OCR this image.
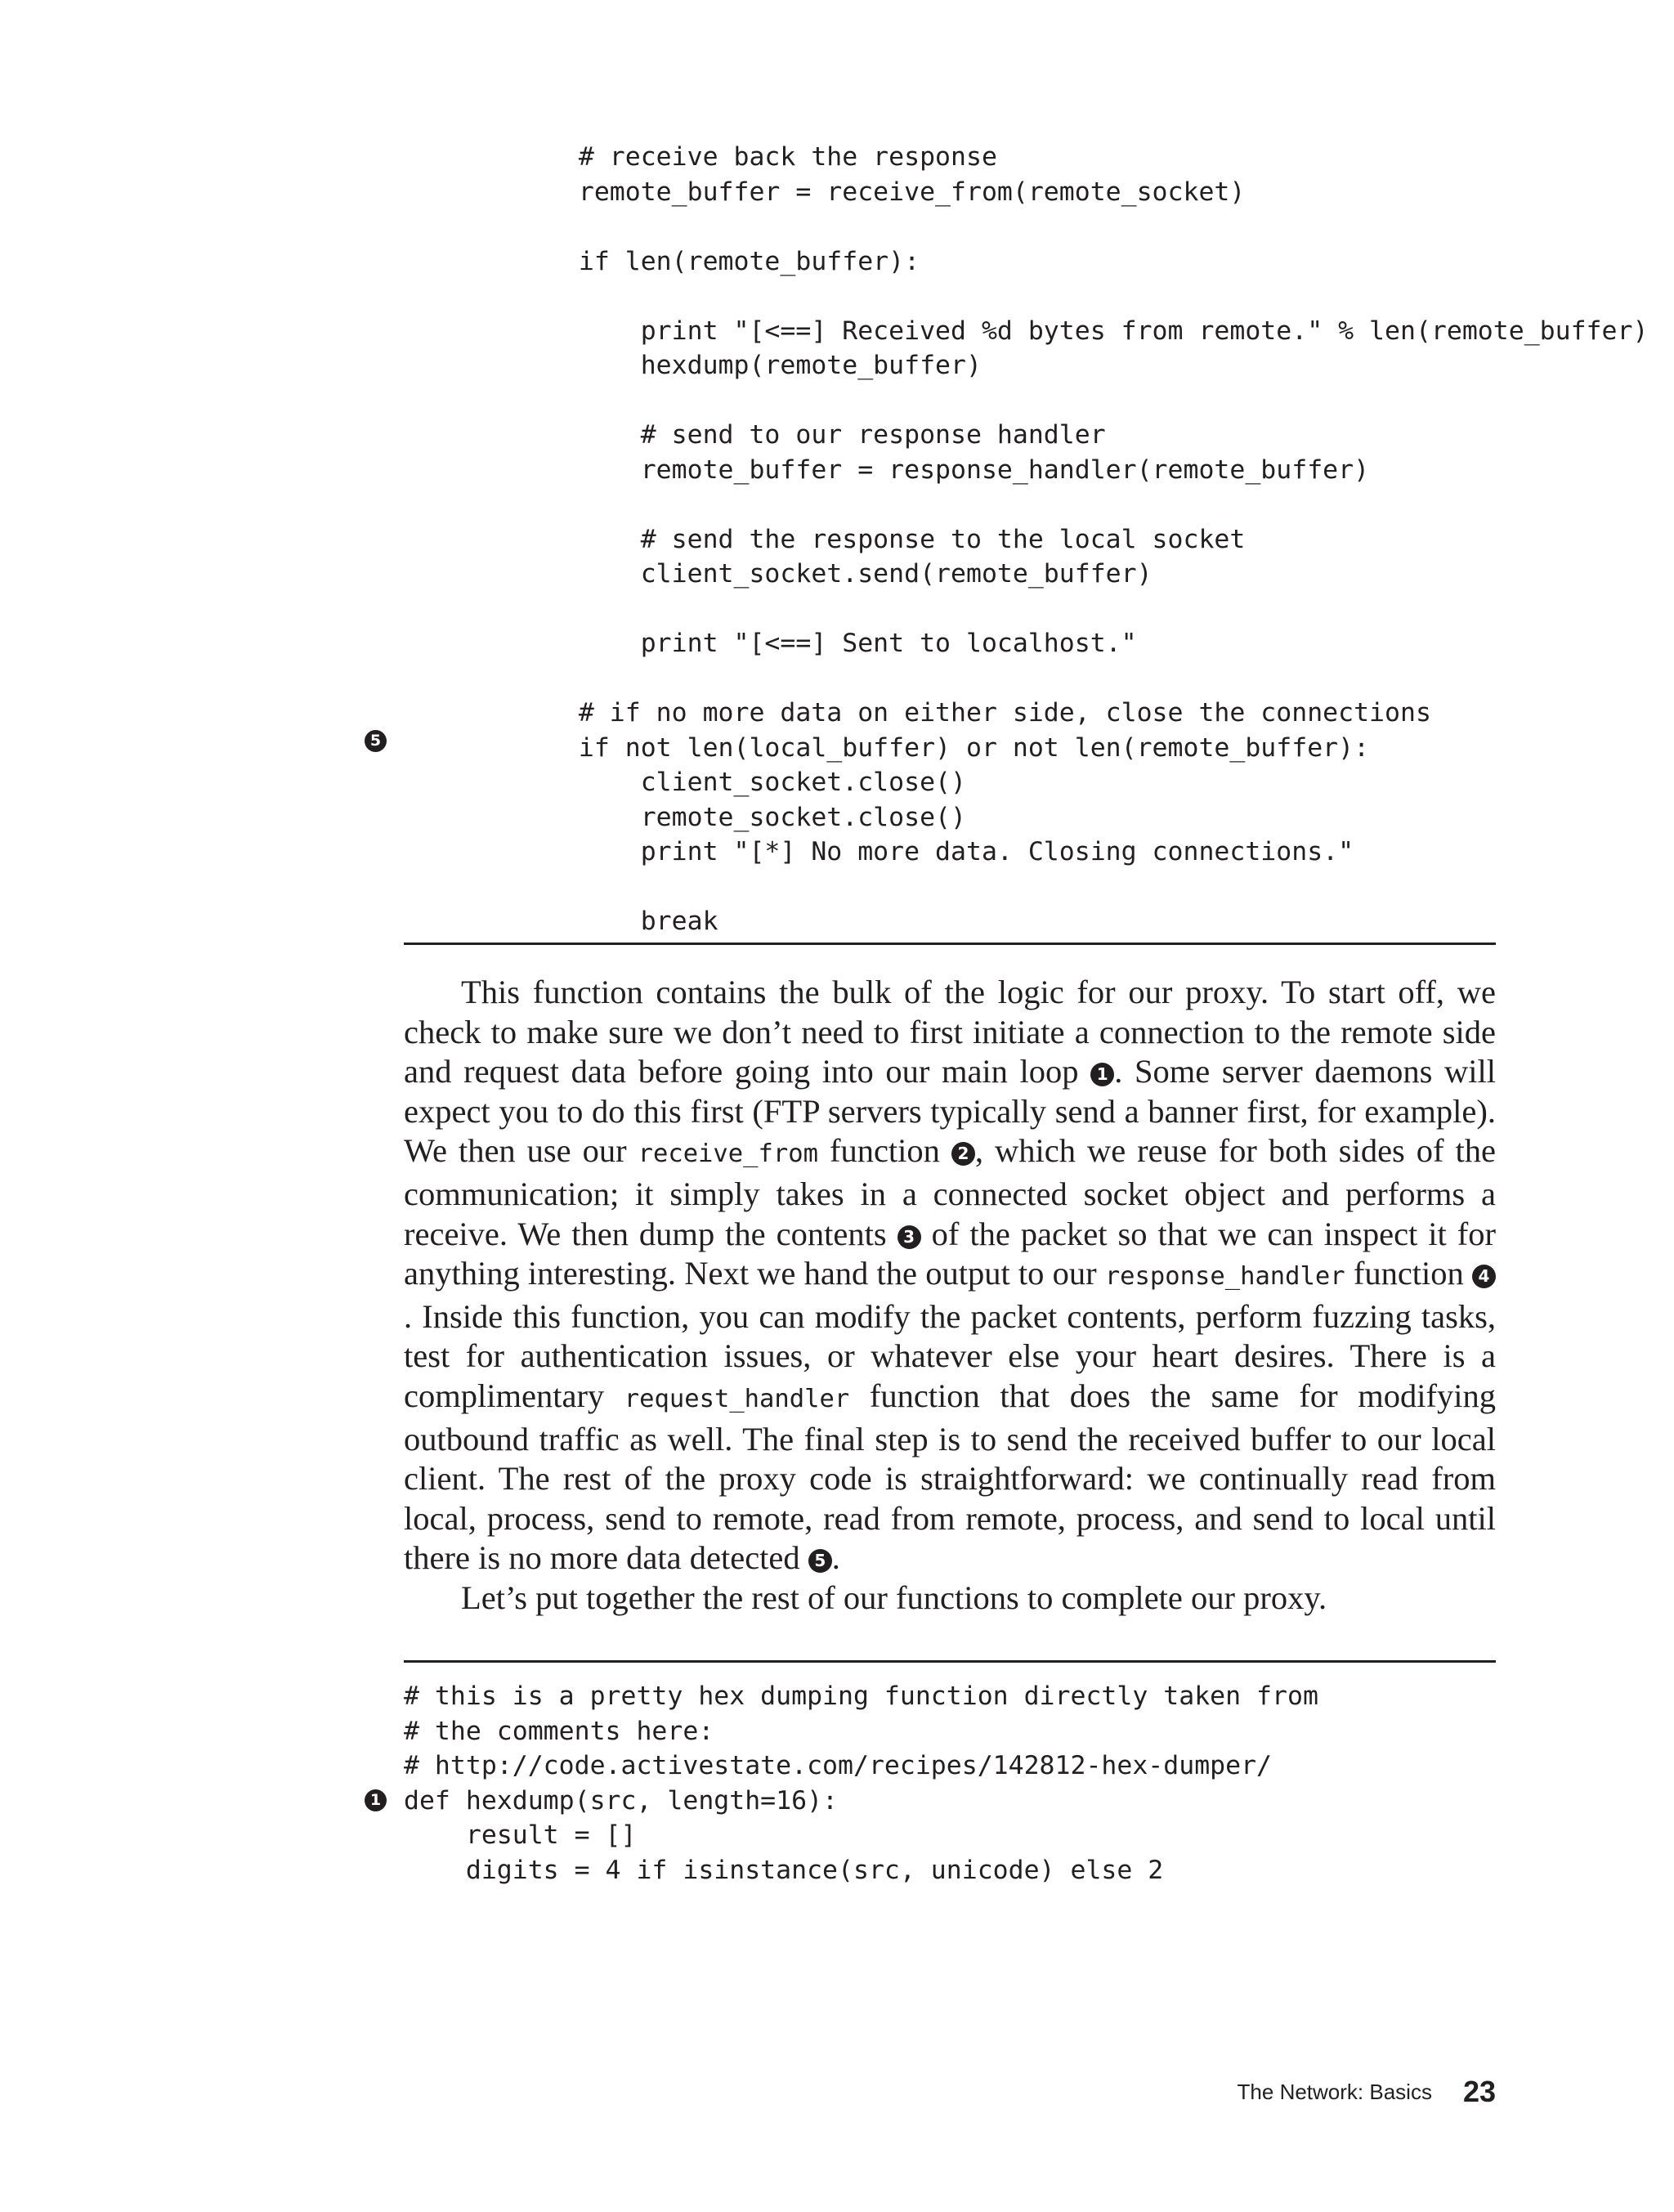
# receive back the response
remote_buffer = receive_from(remote_socket)
if len(remote_buffer):
print "[<==] Received %d bytes from remote." % len(remote_buffer)
hexdump(remote_buffer)
# send to our response handler
remote_buffer = response_handler(remote_buffer)
# send the response to the local socket
client_socket.send(remote_buffer)
print "[<==] Sent to localhost."
# if no more data on either side, close the connections
if not len(local_buffer) or not len(remote_buffer):
client_socket.close()
remote_socket.close()
print "[*] No more data. Closing connections."
break
5

This function contains the bulk of the logic for our proxy. To start off, we check to make sure we don’t need to first initiate a connection to the remote side and request data before going into our main loop 1 . Some server daemons will expect you to do this first (FTP servers typically send a banner first, for example). We then use our receive_from function 2 , which we reuse for both sides of the communication; it simply takes in a connected socket object and performs a receive. We then dump the contents 3 of the packet so that we can inspect it for anything interesting. Next we hand the output to our response_handler function 4. Inside this function, you can modify the packet contents, perform fuzzing tasks, test for authentication issues, or whatever else your heart desires. There is a complimentary request_handler function that does the same for modifying outbound traffic as well. The final step is to send the received buffer to our local client. The rest of the proxy code is straightforward: we continually read from local, process, send to remote, read from remote, process, and send to local until there is no more data detected 5 .

Let’s put together the rest of our functions to complete our proxy.

# this is a pretty hex dumping function directly taken from
# the comments here:
# http://code.activestate.com/recipes/142812-hex-dumper/
def hexdump(src, length=16):
result = []
digits = 4 if isinstance(src, unicode) else 2
1
The Network: Basics 23
